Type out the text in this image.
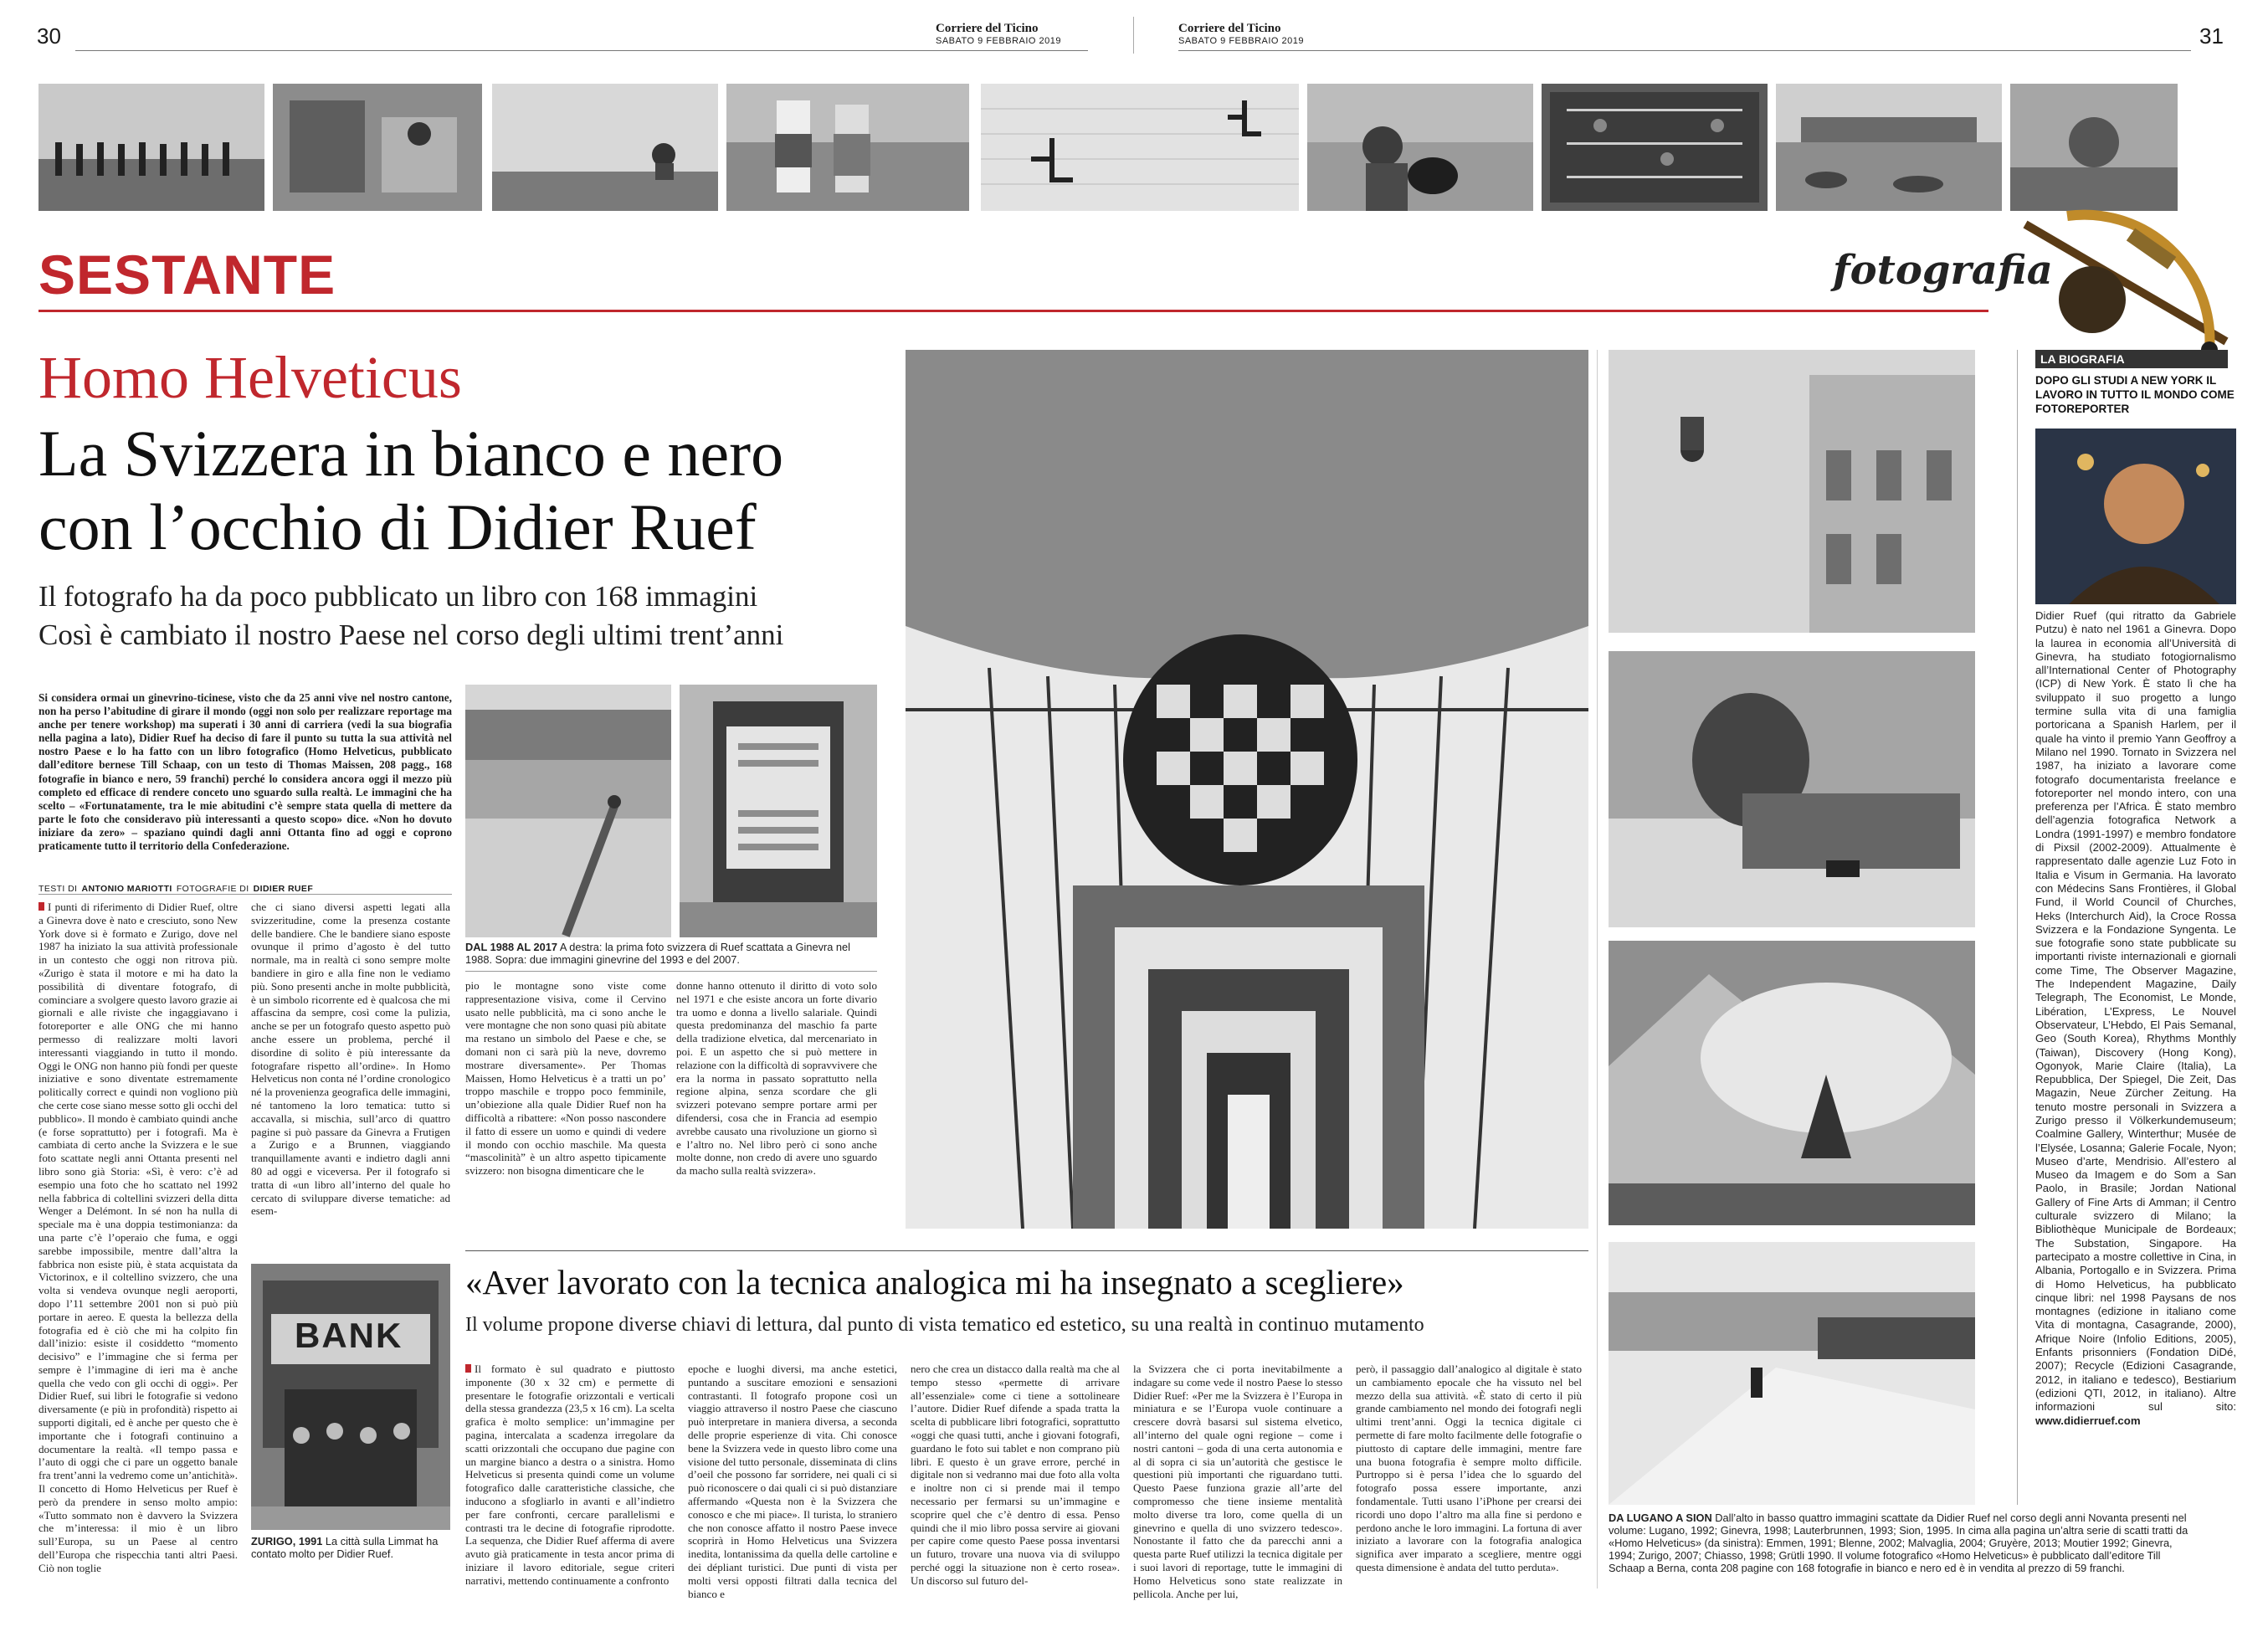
30	Corriere del Ticino
SABATO 9 FEBBRAIO 2019
Corriere del Ticino
SABATO 9 FEBBRAIO 2019	31
SESTANTE	fotografia
Homo Helveticus
La Svizzera in bianco e nero
con l’occhio di Didier Ruef
Il fotografo ha da poco pubblicato un libro con 168 immagini
Così è cambiato il nostro Paese nel corso degli ultimi trent’anni
Si considera ormai un ginevrino-ticinese, visto che da 25 anni vive nel nostro cantone, non ha perso l’abitudine di girare il mondo (oggi non solo per realizzare reportage ma anche per tenere workshop) ma superati i 30 anni di carriera (vedi la sua biografia nella pagina a lato), Didier Ruef ha deciso di fare il punto su tutta la sua attività nel nostro Paese e lo ha fatto con un libro fotografico (Homo Helveticus, pubblicato dall’editore bernese Till Schaap, con un testo di Thomas Maissen, 208 pagg., 168 fotografie in bianco e nero, 59 franchi) perché lo considera ancora oggi il mezzo più completo ed efficace di rendere conceto uno sguardo sulla realtà. Le immagini che ha scelto – «Fortunatamente, tra le mie abitudini c’è sempre stata quella di mettere da parte le foto che consideravo più interessanti a questo scopo» dice. «Non ho dovuto iniziare da zero» – spaziano quindi dagli anni Ottanta fino ad oggi e coprono praticamente tutto il territorio della Confederazione.
TESTI DI ANTONIO MARIOTTI FOTOGRAFIE DI DIDIER RUEF
I punti di riferimento di Didier Ruef, oltre a Ginevra dove è nato e cresciuto, sono New York dove si è formato e Zurigo, dove nel 1987 ha iniziato la sua attività professionale in un contesto che oggi non ritrova più. «Zurigo è stata il motore e mi ha dato la possibilità di diventare fotografo, di cominciare a svolgere questo lavoro grazie ai giornali e alle riviste che ingaggiavano i fotoreporter e alle ONG che mi hanno permesso di realizzare molti lavori interessanti viaggiando in tutto il mondo. Oggi le ONG non hanno più fondi per queste iniziative e sono diventate estremamente politically correct e quindi non vogliono più che certe cose siano messe sotto gli occhi del pubblico». Il mondo è cambiato quindi anche (e forse soprattutto) per i fotografi. Ma è cambiata di certo anche la Svizzera e le sue foto scattate negli anni Ottanta presenti nel libro sono già Storia: «Sì, è vero: c’è ad esempio una foto che ho scattato nel 1992 nella fabbrica di coltellini svizzeri della ditta Wenger a Delémont. In sé non ha nulla di speciale ma è una doppia testimonianza: da una parte c’è l’operaio che fuma, e oggi sarebbe impossibile, mentre dall’altra la fabbrica non esiste più, è stata acquistata da Victorinox, e il coltellino svizzero, che una volta si vendeva ovunque negli aeroporti, dopo l’11 settembre 2001 non si può più portare in aereo. E questa la bellezza della fotografia ed è ciò che mi ha colpito fin dall’inizio: esiste il cosiddetto “momento decisivo” e l’immagine che si ferma per sempre è l’immagine di ieri ma è anche quella che vedo con gli occhi di oggi». Per Didier Ruef, sui libri le fotografie si vedono diversamente (e più in profondità) rispetto ai supporti digitali, ed è anche per questo che è importante che i fotografi continuino a documentare la realtà. «Il tempo passa e l’auto di oggi che ci pare un oggetto banale fra trent’anni la vedremo come un’antichità». Il concetto di Homo Helveticus per Ruef è però da prendere in senso molto ampio: «Tutto sommato non è davvero la Svizzera che m’interessa: il mio è un libro sull’Europa, su un Paese al centro dell’Europa che rispecchia tanti altri Paesi. Ciò non toglie
che ci siano diversi aspetti legati alla svizzeritudine, come la presenza costante delle bandiere. Che le bandiere siano esposte ovunque il primo d’agosto è del tutto normale, ma in realtà ci sono sempre molte bandiere in giro e alla fine non le vediamo più. Sono presenti anche in molte pubblicità, è un simbolo ricorrente ed è qualcosa che mi affascina da sempre, così come la pulizia, anche se per un fotografo questo aspetto può anche essere un problema, perché il disordine di solito è più interessante da fotografare rispetto all’ordine». In Homo Helveticus non conta né l’ordine cronologico né la provenienza geografica delle immagini, né tantomeno la loro tematica: tutto si accavalla, si mischia, sull’arco di quattro pagine si può passare da Ginevra a Frutigen a Zurigo e a Brunnen, viaggiando tranquillamente avanti e indietro dagli anni 80 ad oggi e viceversa. Per il fotografo si tratta di «un libro all’interno del quale ho cercato di sviluppare diverse tematiche: ad esem-
pio le montagne sono viste come rappresentazione visiva, come il Cervino usato nelle pubblicità, ma ci sono anche le vere montagne che non sono quasi più abitate ma restano un simbolo del Paese e che, se domani non ci sarà più la neve, dovremo mostrare diversamente». Per Thomas Maissen, Homo Helveticus è a tratti un po’ troppo maschile e troppo poco femminile, un’obiezione alla quale Didier Ruef non ha difficoltà a ribattere: «Non posso nascondere il fatto di essere un uomo e quindi di vedere il mondo con occhio maschile. Ma questa “mascolinità” è un altro aspetto tipicamente svizzero: non bisogna dimenticare che le
donne hanno ottenuto il diritto di voto solo nel 1971 e che esiste ancora un forte divario tra uomo e donna a livello salariale. Quindi questa predominanza del maschio fa parte della tradizione elvetica, dal mercenariato in poi. E un aspetto che si può mettere in relazione con la difficoltà di sopravvivere che era la norma in passato soprattutto nella regione alpina, senza scordare che gli svizzeri potevano sempre portare armi per difendersi, cosa che in Francia ad esempio avrebbe causato una rivoluzione un giorno sì e l’altro no. Nel libro però ci sono anche molte donne, non credo di avere uno sguardo da macho sulla realtà svizzera».
DAL 1988 AL 2017 A destra: la prima foto svizzera di Ruef scattata a Ginevra nel 1988. Sopra: due immagini ginevrine del 1993 e del 2007.
DA LUGANO A SION Dall’alto in basso quattro immagini scattate da Didier Ruef nel corso degli anni Novanta presenti nel volume: Lugano, 1992; Ginevra, 1998; Lauterbrunnen, 1993; Sion, 1995. In cima alla pagina un’altra serie di scatti tratti da «Homo Helveticus» (da sinistra): Emmen, 1991; Blenne, 2002; Malvaglia, 2004; Gruyère, 2013; Moutier 1992; Ginevra, 1994; Zurigo, 2007; Chiasso, 1998; Grütli 1990. Il volume fotografico «Homo Helveticus» è pubblicato dall’editore Till Schaap a Berna, conta 208 pagine con 168 fotografie in bianco e nero ed è in vendita al prezzo di 59 franchi.
LA BIOGRAFIA
DOPO GLI STUDI A NEW YORK IL LAVORO IN TUTTO IL MONDO COME FOTOREPORTER
Didier Ruef (qui ritratto da Gabriele Putzu) è nato nel 1961 a Ginevra. Dopo la laurea in economia all’Università di Ginevra, ha studiato fotogiornalismo all’International Center of Photography (ICP) di New York. È stato lì che ha sviluppato il suo progetto a lungo termine sulla vita di una famiglia portoricana a Spanish Harlem, per il quale ha vinto il premio Yann Geoffroy a Milano nel 1990. Tornato in Svizzera nel 1987, ha iniziato a lavorare come fotografo documentarista freelance e fotoreporter nel mondo intero, con una preferenza per l’Africa. È stato membro dell’agenzia fotografica Network a Londra (1991-1997) e membro fondatore di Pixsil (2002-2009). Attualmente è rappresentato dalle agenzie Luz Foto in Italia e Visum in Germania. Ha lavorato con Médecins Sans Frontières, il Global Fund, il World Council of Churches, Heks (Interchurch Aid), la Croce Rossa Svizzera e la Fondazione Syngenta. Le sue fotografie sono state pubblicate su importanti riviste internazionali e giornali come Time, The Observer Magazine, The Independent Magazine, Daily Telegraph, The Economist, Le Monde, Libération, L’Express, Le Nouvel Observateur, L’Hebdo, El Pais Semanal, Geo (South Korea), Rhythms Monthly (Taiwan), Discovery (Hong Kong), Ogonyok, Marie Claire (Italia), La Repubblica, Der Spiegel, Die Zeit, Das Magazin, Neue Zürcher Zeitung. Ha tenuto mostre personali in Svizzera a Zurigo presso il Völkerkundemuseum; Coalmine Gallery, Winterthur; Musée de l’Elysée, Losanna; Galerie Focale, Nyon; Museo d’arte, Mendrisio. All’estero al Museo da Imagem e do Som a San Paolo, in Brasile; Jordan National Gallery of Fine Arts di Amman; il Centro culturale svizzero di Milano; la Bibliothèque Municipale de Bordeaux; The Substation, Singapore. Ha partecipato a mostre collettive in Cina, in Albania, Portogallo e in Svizzera. Prima di Homo Helveticus, ha pubblicato cinque libri: nel 1998 Paysans de nos montagnes (edizione in italiano come Vita di montagna, Casagrande, 2000), Afrique Noire (Infolio Editions, 2005), Enfants prisonniers (Fondation DiDé, 2007); Recycle (Edizioni Casagrande, 2012, in italiano e tedesco), Bestiarium (edizioni QTI, 2012, in italiano). Altre informazioni sul sito: www.didierruef.com
«Aver lavorato con la tecnica analogica mi ha insegnato a scegliere»
Il volume propone diverse chiavi di lettura, dal punto di vista tematico ed estetico, su una realtà in continuo mutamento
BANK
ZURIGO, 1991 La città sulla Limmat ha contato molto per Didier Ruef.
Il formato è sul quadrato e piuttosto imponente (30 x 32 cm) e permette di presentare le fotografie orizzontali e verticali della stessa grandezza (23,5 x 16 cm). La scelta grafica è molto semplice: un’immagine per pagina, intercalata a scadenza irregolare da scatti orizzontali che occupano due pagine con un margine bianco a destra o a sinistra. Homo Helveticus si presenta quindi come un volume fotografico dalle caratteristiche classiche, che inducono a sfogliarlo in avanti e all’indietro per fare confronti, cercare parallelismi e contrasti tra le decine di fotografie riprodotte. La sequenza, che Didier Ruef afferma di avere avuto già praticamente in testa ancor prima di iniziare il lavoro editoriale, segue criteri narrativi, mettendo continuamente a confronto
epoche e luoghi diversi, ma anche estetici, puntando a suscitare emozioni e sensazioni contrastanti. Il fotografo propone così un viaggio attraverso il nostro Paese che ciascuno può interpretare in maniera diversa, a seconda delle proprie esperienze di vita. Chi conosce bene la Svizzera vede in questo libro come una visione del tutto personale, disseminata di clins d’oeil che possono far sorridere, nei quali ci si può riconoscere o dai quali ci si può distanziare affermando «Questa non è la Svizzera che conosco e che mi piace». Il turista, lo straniero che non conosce affatto il nostro Paese invece scoprirà in Homo Helveticus una Svizzera inedita, lontanissima da quella delle cartoline e dei dépliant turistici. Due punti di vista per molti versi opposti filtrati dalla tecnica del bianco e
nero che crea un distacco dalla realtà ma che al tempo stesso «permette di arrivare all’essenziale» come ci tiene a sottolineare l’autore. Didier Ruef difende a spada tratta la scelta di pubblicare libri fotografici, soprattutto «oggi che quasi tutti, anche i giovani fotografi, guardano le foto sui tablet e non comprano più libri. E questo è un grave errore, perché in digitale non si vedranno mai due foto alla volta e inoltre non ci si prende mai il tempo necessario per fermarsi su un’immagine e scoprire quel che c’è dentro di essa. Penso quindi che il mio libro possa servire ai giovani per capire come questo Paese possa inventarsi un futuro, trovare una nuova via di sviluppo perché oggi la situazione non è certo rosea». Un discorso sul futuro del-
la Svizzera che ci porta inevitabilmente a indagare su come vede il nostro Paese lo stesso Didier Ruef: «Per me la Svizzera è l’Europa in miniatura e se l’Europa vuole continuare a crescere dovrà basarsi sul sistema elvetico, all’interno del quale ogni regione – come i nostri cantoni – goda di una certa autonomia e al di sopra ci sia un’autorità che gestisce le questioni più importanti che riguardano tutti. Questo Paese funziona grazie all’arte del compromesso che tiene insieme mentalità molto diverse tra loro, come quella di un ginevrino e quella di uno svizzero tedesco». Nonostante il fatto che da parecchi anni a questa parte Ruef utilizzi la tecnica digitale per i suoi lavori di reportage, tutte le immagini di Homo Helveticus sono state realizzate in pellicola. Anche per lui,
però, il passaggio dall’analogico al digitale è stato un cambiamento epocale che ha vissuto nel bel mezzo della sua attività. «È stato di certo il più grande cambiamento nel mondo dei fotografi negli ultimi trent’anni. Oggi la tecnica digitale ci permette di fare molto facilmente delle fotografie o piuttosto di captare delle immagini, mentre fare una buona fotografia è sempre molto difficile. Purtroppo si è persa l’idea che lo sguardo del fotografo possa essere importante, anzi fondamentale. Tutti usano l’iPhone per crearsi dei ricordi uno dopo l’altro ma alla fine si perdono e perdono anche le loro immagini. La fortuna di aver iniziato a lavorare con la fotografia analogica significa aver imparato a scegliere, mentre oggi questa dimensione è andata del tutto perduta».
